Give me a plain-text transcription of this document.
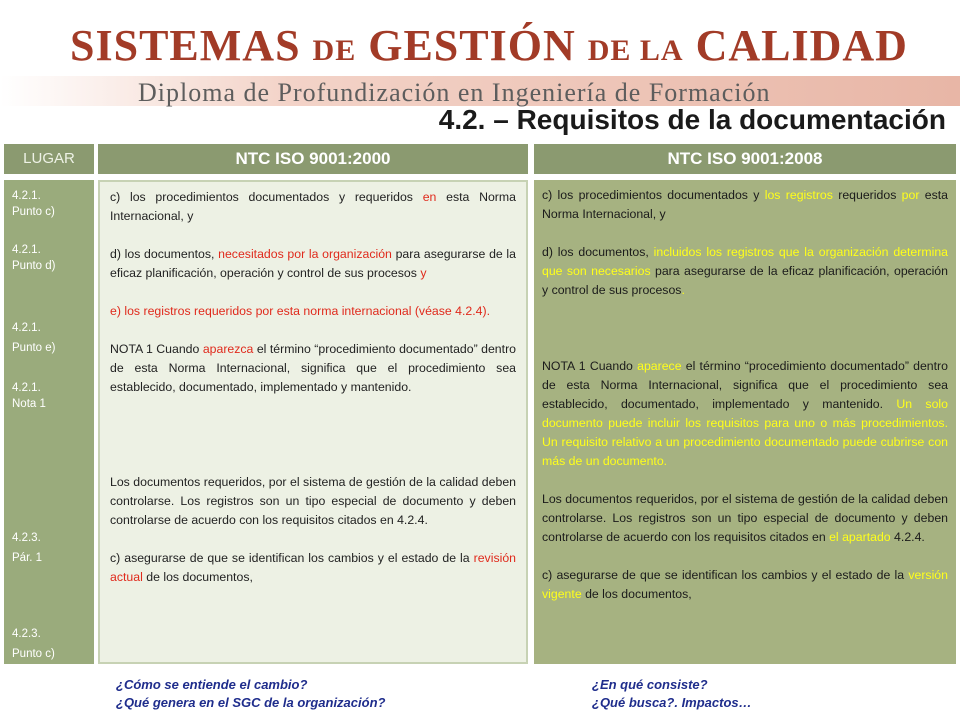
SISTEMAS DE GESTIÓN DE LA CALIDAD
Diploma de Profundización en Ingeniería de Formación
4.2. – Requisitos de la documentación
LUGAR	NTC ISO 9001:2000	NTC ISO 9001:2008
4.2.1.
Punto c)
4.2.1.
Punto d)
4.2.1.
Punto e)
4.2.1.
Nota 1
4.2.3.
Pár. 1
4.2.3.
Punto c)

c) los procedimientos documentados y requeridos en esta Norma Internacional, y

d) los documentos, necesitados por la organización para asegurarse de la eficaz planificación, operación y control de sus procesos y

e) los registros requeridos por esta norma internacional (véase 4.2.4).

NOTA 1 Cuando aparezca el término “procedimiento documentado” dentro de esta Norma Internacional, significa que el procedimiento sea establecido, documentado, implementado y mantenido.

Los documentos requeridos, por el sistema de gestión de la calidad deben controlarse. Los registros son un tipo especial de documento y deben controlarse de acuerdo con los requisitos citados en 4.2.4.

c) asegurarse de que se identifican los cambios y el estado de la revisión actual de los documentos,

c) los procedimientos documentados y los registros requeridos por esta Norma Internacional, y

d) los documentos, incluidos los registros que la organización determina que son necesarios para asegurarse de la eficaz planificación, operación y control de sus procesos.

NOTA 1 Cuando aparece el término “procedimiento documentado” dentro de esta Norma Internacional, significa que el procedimiento sea establecido, documentado, implementado y mantenido. Un solo documento puede incluir los requisitos para uno o más procedimientos. Un requisito relativo a un procedimiento documentado puede cubrirse con más de un documento.

Los documentos requeridos, por el sistema de gestión de la calidad deben controlarse. Los registros son un tipo especial de documento y deben controlarse de acuerdo con los requisitos citados en el apartado 4.2.4.

c) asegurarse de que se identifican los cambios y el estado de la versión vigente de los documentos,

¿Cómo se entiende el cambio?
¿Qué genera en el SGC de la organización?
¿En qué consiste?
¿Qué busca?. Impactos…
